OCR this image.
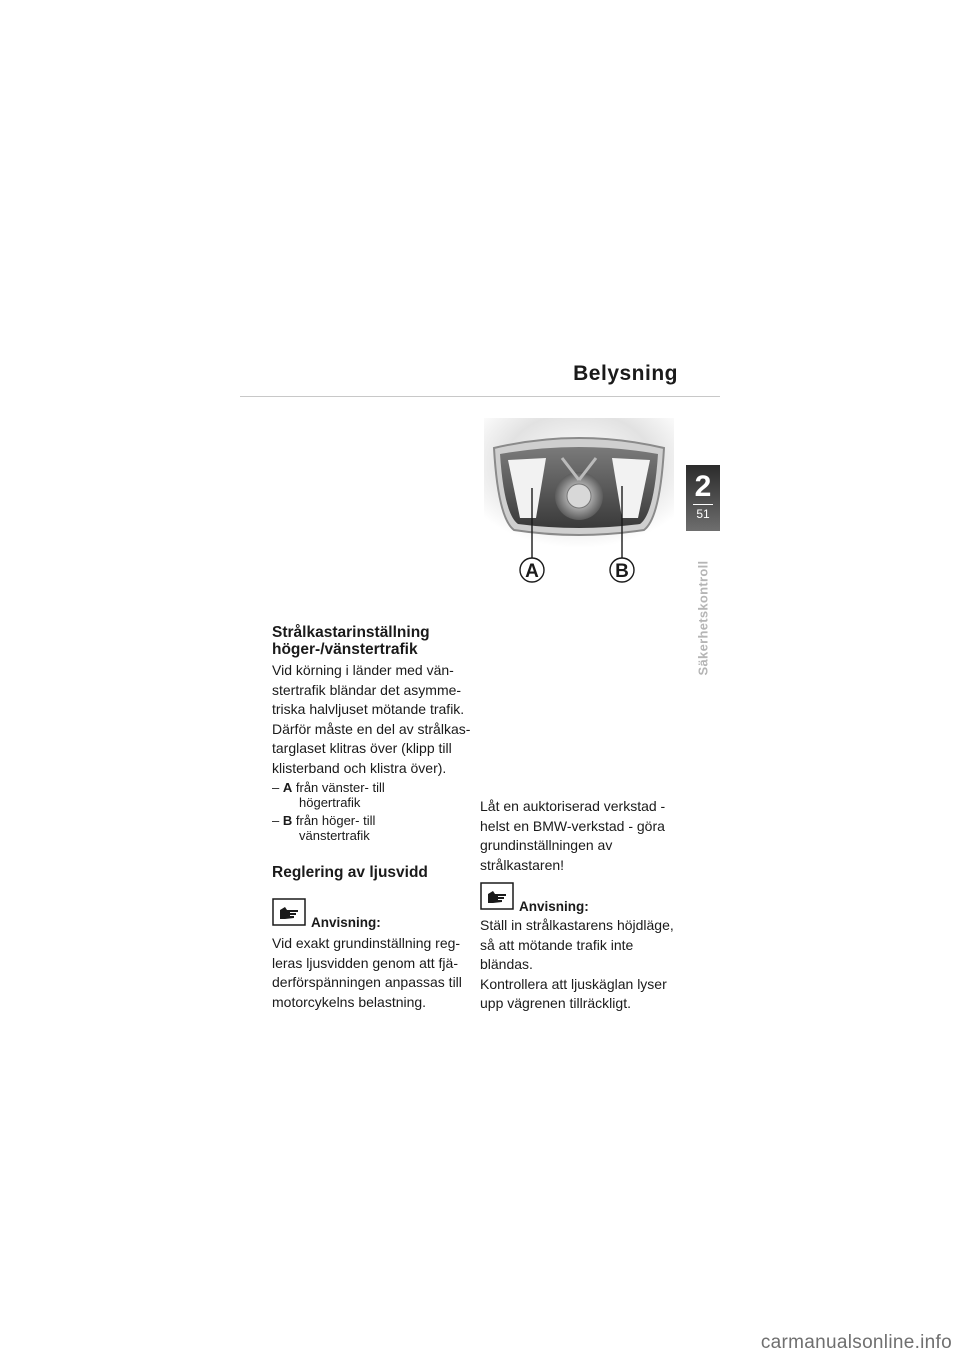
Belysning
2
51
Säkerhetskontroll
A	B
Strålkastarinställning
höger-/vänstertrafik
Vid körning i länder med vän-
stertrafik bländar det asymme-
triska halvljuset mötande trafik.
Därför måste en del av strålkas-
targlaset klitras över (klipp till
klisterband och klistra över).
– A från vänster- till
högertrafik
– B från höger- till
vänstertrafik
Reglering av ljusvidd
Anvisning:
Vid exakt grundinställning reg-
leras ljusvidden genom att fjä-
derförspänningen anpassas till
motorcykelns belastning.
Låt en auktoriserad verkstad -
helst en BMW-verkstad - göra
grundinställningen av
strålkastaren!
Anvisning:
Ställ in strålkastarens höjdläge,
så att mötande trafik inte
bländas.
Kontrollera att ljuskäglan lyser
upp vägrenen tillräckligt.
carmanualsonline.info
